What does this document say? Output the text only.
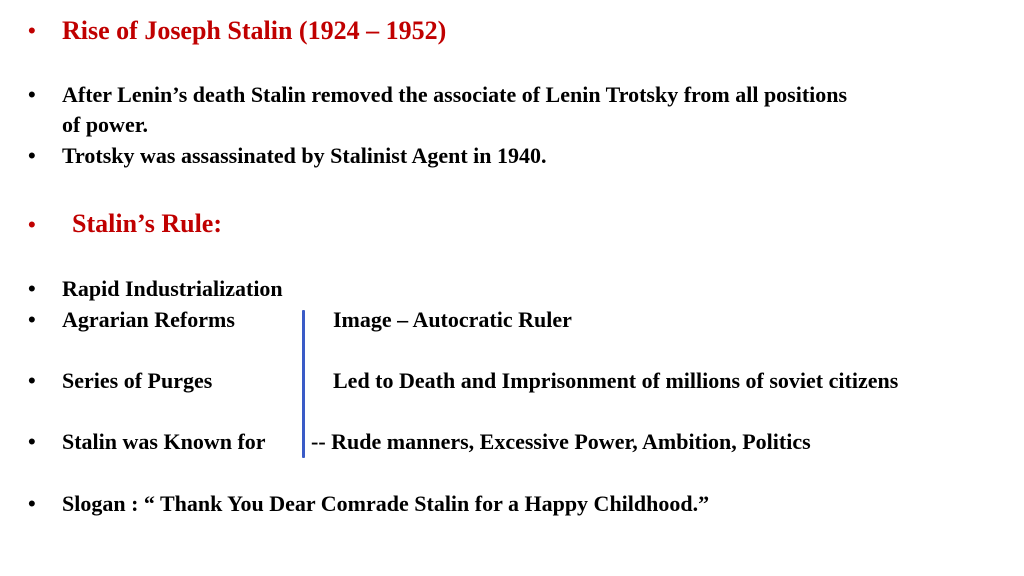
• Rise of Joseph Stalin (1924 – 1952)
• After Lenin’s death Stalin removed the associate of Lenin Trotsky from all positions
of power.
• Trotsky was assassinated by Stalinist Agent in 1940.
• Stalin’s Rule:
• Rapid Industrialization
• Agrarian Reforms	Image – Autocratic Ruler
• Series of Purges	Led to Death and Imprisonment of millions of soviet citizens
• Stalin was Known for -- Rude manners, Excessive Power, Ambition, Politics
• Slogan : “ Thank You Dear Comrade Stalin for a Happy Childhood.”
